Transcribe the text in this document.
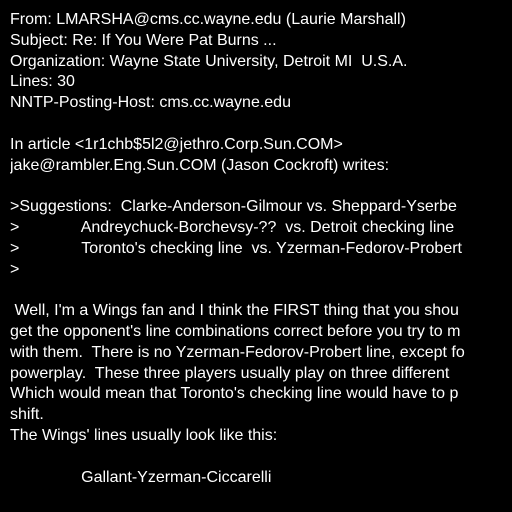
From: LMARSHA@cms.cc.wayne.edu (Laurie Marshall)
Subject: Re: If You Were Pat Burns ...
Organization: Wayne State University, Detroit MI  U.S.A.
Lines: 30
NNTP-Posting-Host: cms.cc.wayne.edu
In article <1r1chb$5l2@jethro.Corp.Sun.COM>
jake@rambler.Eng.Sun.COM (Jason Cockroft) writes:
>Suggestions:  Clarke-Anderson-Gilmour vs. Sheppard-Yserbe
>              Andreychuck-Borchevsy-??  vs. Detroit checking line
>              Toronto's checking line  vs. Yzerman-Fedorov-Probert
>
Well, I'm a Wings fan and I think the FIRST thing that you shou
get the opponent's line combinations correct before you try to m
with them.  There is no Yzerman-Fedorov-Probert line, except fo
powerplay.  These three players usually play on three different
Which would mean that Toronto's checking line would have to p
shift.
The Wings' lines usually look like this:
Gallant-Yzerman-Ciccarelli
